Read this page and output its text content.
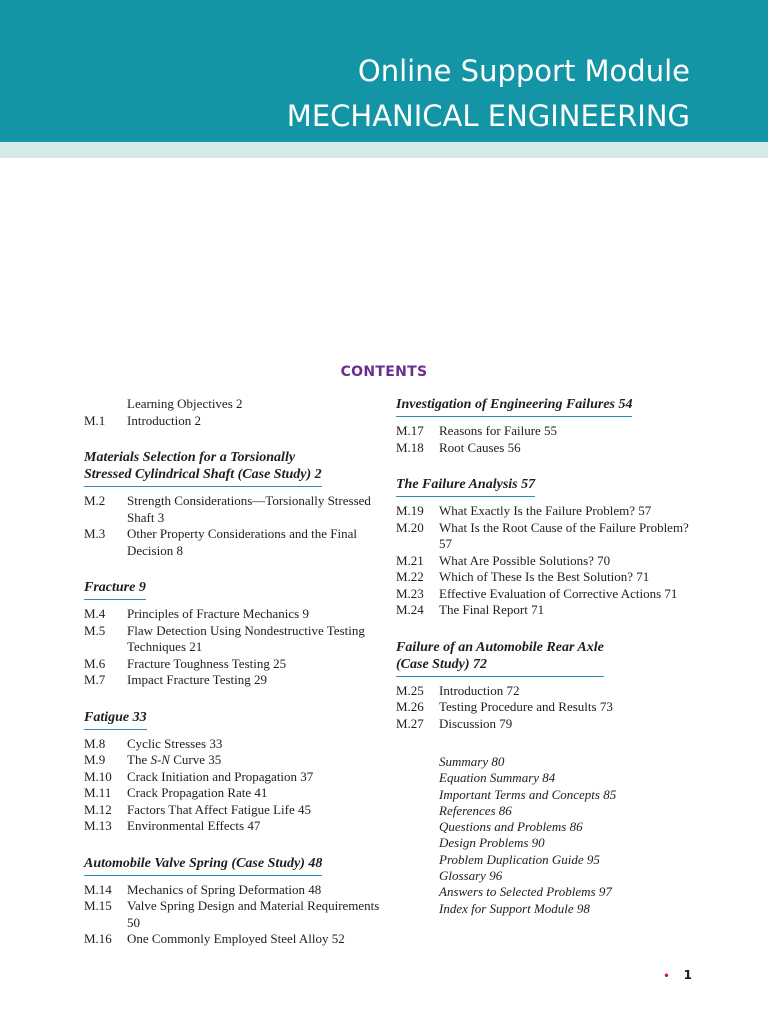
Online Support Module
MECHANICAL ENGINEERING
CONTENTS
Learning Objectives 2
M.1	Introduction 2
Materials Selection for a Torsionally
Stressed Cylindrical Shaft (Case Study) 2
M.2	Strength Considerations—Torsionally Stressed Shaft 3
M.3	Other Property Considerations and the Final Decision 8
Fracture 9
M.4	Principles of Fracture Mechanics 9
M.5	Flaw Detection Using Nondestructive Testing Techniques 21
M.6	Fracture Toughness Testing 25
M.7	Impact Fracture Testing 29
Fatigue 33
M.8	Cyclic Stresses 33
M.9	The S-N Curve 35
M.10	Crack Initiation and Propagation 37
M.11	Crack Propagation Rate 41
M.12	Factors That Affect Fatigue Life 45
M.13	Environmental Effects 47
Automobile Valve Spring (Case Study) 48
M.14	Mechanics of Spring Deformation 48
M.15	Valve Spring Design and Material Requirements 50
M.16	One Commonly Employed Steel Alloy 52
Investigation of Engineering Failures 54
M.17	Reasons for Failure 55
M.18	Root Causes 56
The Failure Analysis 57
M.19	What Exactly Is the Failure Problem? 57
M.20	What Is the Root Cause of the Failure Problem? 57
M.21	What Are Possible Solutions? 70
M.22	Which of These Is the Best Solution? 71
M.23	Effective Evaluation of Corrective Actions 71
M.24	The Final Report 71
Failure of an Automobile Rear Axle
(Case Study) 72
M.25	Introduction 72
M.26	Testing Procedure and Results 73
M.27	Discussion 79
Summary 80
Equation Summary 84
Important Terms and Concepts 85
References 86
Questions and Problems 86
Design Problems 90
Problem Duplication Guide 95
Glossary 96
Answers to Selected Problems 97
Index for Support Module 98
• 1
